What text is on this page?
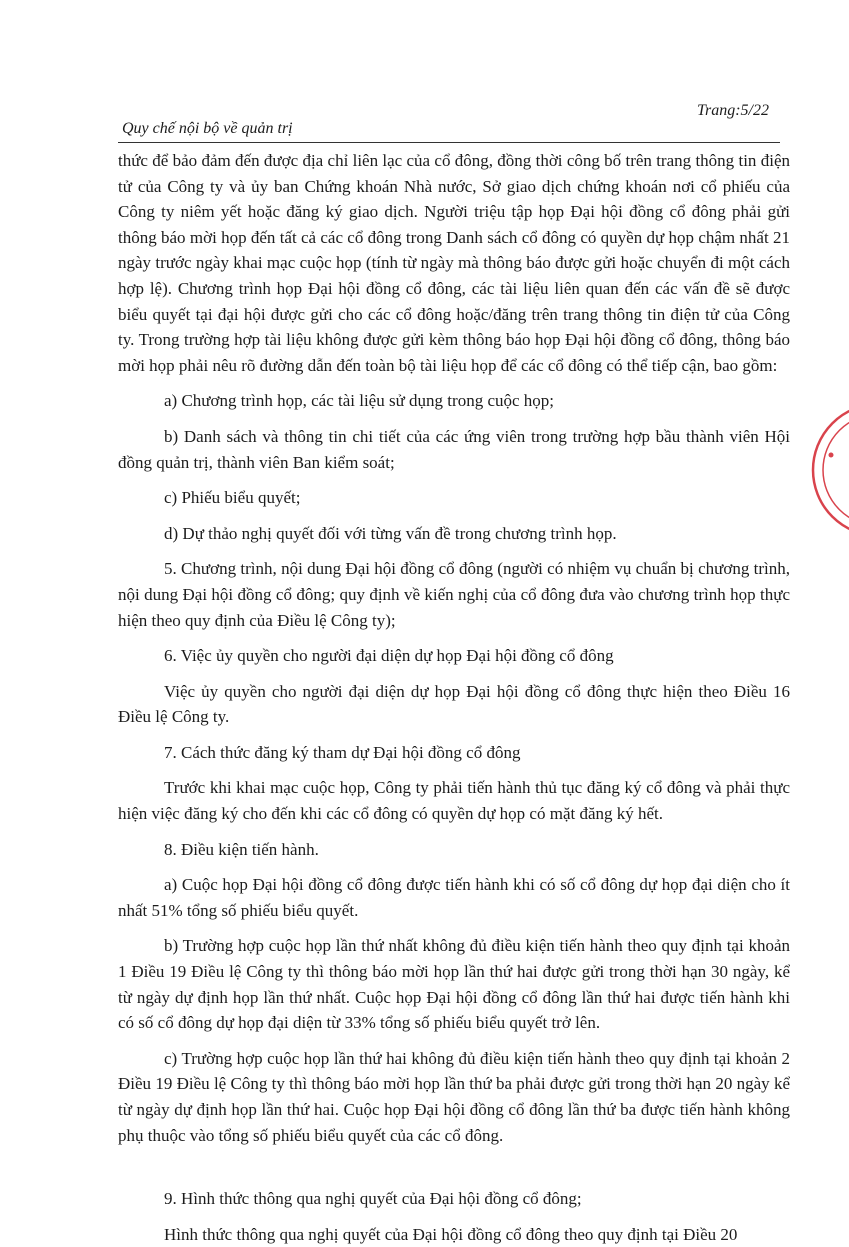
Trang:5/22
Quy chế nội bộ về quản trị

thức để bảo đảm đến được địa chỉ liên lạc của cổ đông, đồng thời công bố trên trang thông tin điện tử của Công ty và ủy ban Chứng khoán Nhà nước, Sở giao dịch chứng khoán nơi cổ phiếu của Công ty niêm yết hoặc đăng ký giao dịch. Người triệu tập họp Đại hội đồng cổ đông phải gửi thông báo mời họp đến tất cả các cổ đông trong Danh sách cổ đông có quyền dự họp chậm nhất 21 ngày trước ngày khai mạc cuộc họp (tính từ ngày mà thông báo được gửi hoặc chuyển đi một cách hợp lệ). Chương trình họp Đại hội đồng cổ đông, các tài liệu liên quan đến các vấn đề sẽ được biểu quyết tại đại hội được gửi cho các cổ đông hoặc/đăng trên trang thông tin điện tử của Công ty. Trong trường hợp tài liệu không được gửi kèm thông báo họp Đại hội đồng cổ đông, thông báo mời họp phải nêu rõ đường dẫn đến toàn bộ tài liệu họp để các cổ đông có thể tiếp cận, bao gồm:

a) Chương trình họp, các tài liệu sử dụng trong cuộc họp;

b) Danh sách và thông tin chi tiết của các ứng viên trong trường hợp bầu thành viên Hội đồng quản trị, thành viên Ban kiểm soát;

c) Phiếu biểu quyết;

d) Dự thảo nghị quyết đối với từng vấn đề trong chương trình họp.

5. Chương trình, nội dung Đại hội đồng cổ đông (người có nhiệm vụ chuẩn bị chương trình, nội dung Đại hội đồng cổ đông; quy định về kiến nghị của cổ đông đưa vào chương trình họp thực hiện theo quy định của Điều lệ Công ty);

6. Việc ủy quyền cho người đại diện dự họp Đại hội đồng cổ đông

Việc ủy quyền cho người đại diện dự họp Đại hội đồng cổ đông thực hiện theo Điều 16 Điều lệ Công ty.

7. Cách thức đăng ký tham dự Đại hội đồng cổ đông

Trước khi khai mạc cuộc họp, Công ty phải tiến hành thủ tục đăng ký cổ đông và phải thực hiện việc đăng ký cho đến khi các cổ đông có quyền dự họp có mặt đăng ký hết.

8. Điều kiện tiến hành.

a) Cuộc họp Đại hội đồng cổ đông được tiến hành khi có số cổ đông dự họp đại diện cho ít nhất 51% tổng số phiếu biểu quyết.

b) Trường hợp cuộc họp lần thứ nhất không đủ điều kiện tiến hành theo quy định tại khoản 1 Điều 19 Điều lệ Công ty thì thông báo mời họp lần thứ hai được gửi trong thời hạn 30 ngày, kể từ ngày dự định họp lần thứ nhất. Cuộc họp Đại hội đồng cổ đông lần thứ hai được tiến hành khi có số cổ đông dự họp đại diện từ 33% tổng số phiếu biểu quyết trở lên.

c) Trường hợp cuộc họp lần thứ hai không đủ điều kiện tiến hành theo quy định tại khoản 2 Điều 19 Điều lệ Công ty thì thông báo mời họp lần thứ ba phải được gửi trong thời hạn 20 ngày kể từ ngày dự định họp lần thứ hai. Cuộc họp Đại hội đồng cổ đông lần thứ ba được tiến hành không phụ thuộc vào tổng số phiếu biểu quyết của các cổ đông.

9. Hình thức thông qua nghị quyết của Đại hội đồng cổ đông;

Hình thức thông qua nghị quyết của Đại hội đồng cổ đông theo quy định tại Điều 20
